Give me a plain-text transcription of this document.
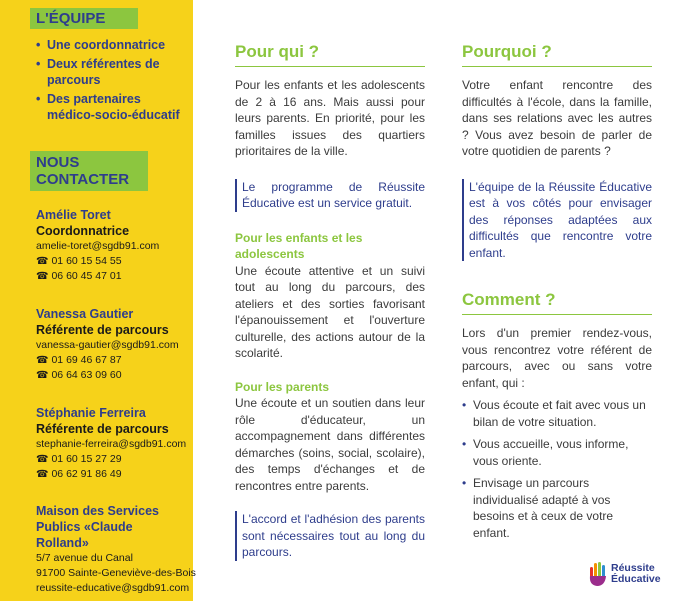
L'ÉQUIPE
• Une coordonnatrice
• Deux référentes de parcours
• Des partenaires médico-socio-éducatif
NOUS CONTACTER
Amélie Toret
Coordonnatrice
amelie-toret@sgdb91.com
☎ 01 60 15 54 55
☎ 06 60 45 47 01
Vanessa Gautier
Référente de parcours
vanessa-gautier@sgdb91.com
☎ 01 69 46 67 87
☎ 06 64 63 09 60
Stéphanie Ferreira
Référente de parcours
stephanie-ferreira@sgdb91.com
☎ 01 60 15 27 29
☎ 06 62 91 86 49
Maison des Services Publics «Claude Rolland»
5/7 avenue du Canal
91700 Sainte-Geneviève-des-Bois
reussite-educative@sgdb91.com
Pour qui ?

Pour les enfants et les adolescents de 2 à 16 ans. Mais aussi pour leurs parents. En priorité, pour les familles issues des quartiers prioritaires de la ville.

Le programme de Réussite Éducative est un service gratuit.
Pour les enfants et les adolescents

Une écoute attentive et un suivi tout au long du parcours, des ateliers et des sorties favorisant l'épanouissement et l'ouverture culturelle, des actions autour de la scolarité.

Pour les parents

Une écoute et un soutien dans leur rôle d'éducateur, un accompagnement dans différentes démarches (soins, social, scolaire), des temps d'échanges et de rencontres entre parents.

L'accord et l'adhésion des parents sont nécessaires tout au long du parcours.
Pourquoi ?

Votre enfant rencontre des difficultés à l'école, dans la famille, dans ses relations avec les autres ? Vous avez besoin de parler de votre quotidien de parents ?

L'équipe de la Réussite Éducative est à vos côtés pour envisager des réponses adaptées aux difficultés que rencontre votre enfant.
Comment ?

Lors d'un premier rendez-vous, vous rencontrez votre référent de parcours, avec ou sans votre enfant, qui :

• Vous écoute et fait avec vous un bilan de votre situation.
• Vous accueille, vous informe, vous oriente.
• Envisage un parcours individualisé adapté à vos besoins et à ceux de votre enfant.
Réussite
Éducative
